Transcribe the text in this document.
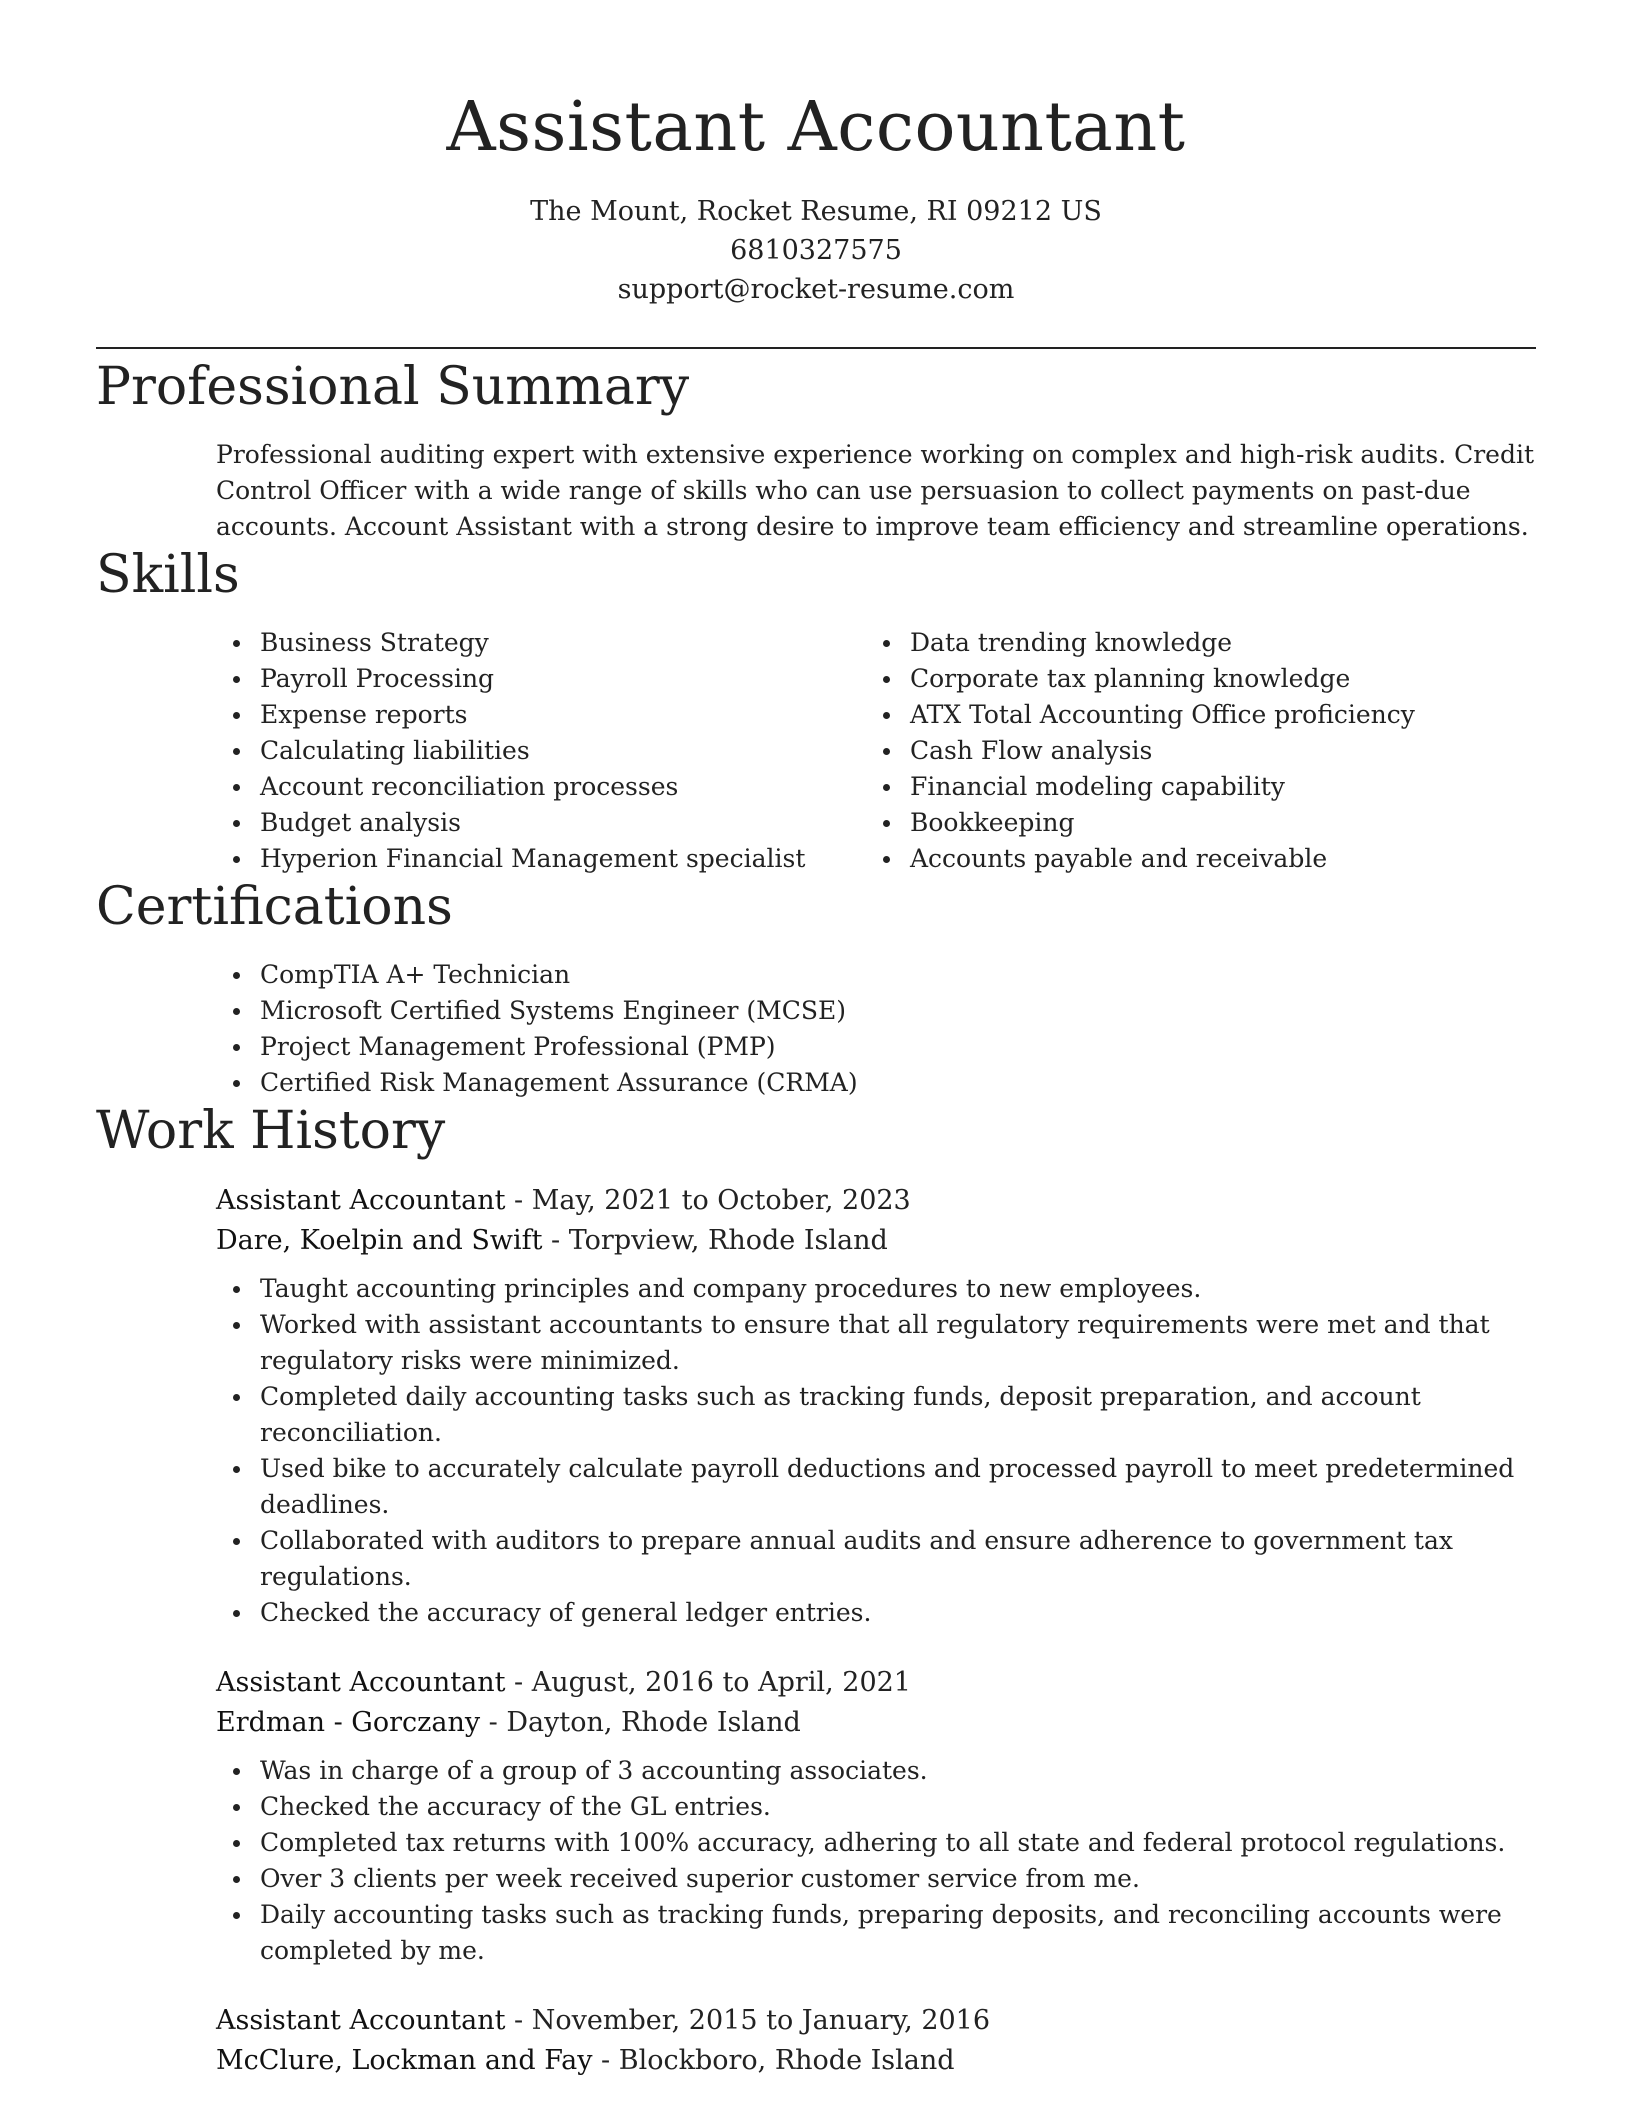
Assistant Accountant
The Mount, Rocket Resume, RI 09212 US
6810327575
support@rocket-resume.com
Professional Summary

Professional auditing expert with extensive experience working on complex and high-risk audits. Credit Control Officer with a wide range of skills who can use persuasion to collect payments on past-due accounts. Account Assistant with a strong desire to improve team efficiency and streamline operations.

Skills
Business Strategy
Payroll Processing
Expense reports
Calculating liabilities
Account reconciliation processes
Budget analysis
Hyperion Financial Management specialist
Data trending knowledge
Corporate tax planning knowledge
ATX Total Accounting Office proficiency
Cash Flow analysis
Financial modeling capability
Bookkeeping
Accounts payable and receivable
Certifications
CompTIA A+ Technician
Microsoft Certified Systems Engineer (MCSE)
Project Management Professional (PMP)
Certified Risk Management Assurance (CRMA)
Work History
Assistant Accountant - May, 2021 to October, 2023
Dare, Koelpin and Swift - Torpview, Rhode Island
Taught accounting principles and company procedures to new employees.
Worked with assistant accountants to ensure that all regulatory requirements were met and that regulatory risks were minimized.
Completed daily accounting tasks such as tracking funds, deposit preparation, and account reconciliation.
Used bike to accurately calculate payroll deductions and processed payroll to meet predetermined deadlines.
Collaborated with auditors to prepare annual audits and ensure adherence to government tax regulations.
Checked the accuracy of general ledger entries.
Assistant Accountant - August, 2016 to April, 2021
Erdman - Gorczany - Dayton, Rhode Island
Was in charge of a group of 3 accounting associates.
Checked the accuracy of the GL entries.
Completed tax returns with 100% accuracy, adhering to all state and federal protocol regulations.
Over 3 clients per week received superior customer service from me.
Daily accounting tasks such as tracking funds, preparing deposits, and reconciling accounts were completed by me.
Assistant Accountant - November, 2015 to January, 2016
McClure, Lockman and Fay - Blockboro, Rhode Island
